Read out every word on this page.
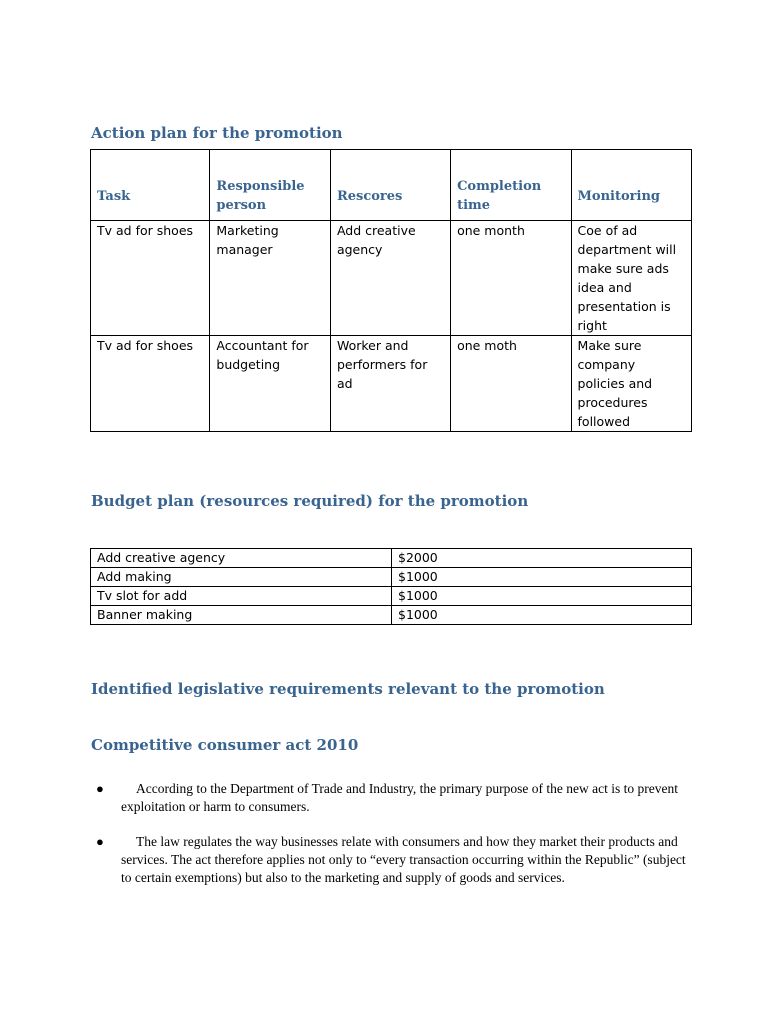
Action plan for the promotion
Task	Responsible person	Rescores	Completion time	Monitoring

Tv ad for shoes	Marketing manager	Add creative agency	one month	Coe of ad department will make sure ads idea and presentation is right
Tv ad for shoes	Accountant for budgeting	Worker and performers for ad	one moth	Make sure company policies and procedures followed
Budget plan (resources required) for the promotion
Add creative agency	$2000
Add making	$1000
Tv slot for add	$1000
Banner making	$1000
Identified legislative requirements relevant to the promotion
Competitive consumer act 2010
●	According to the Department of Trade and Industry, the primary purpose of the new act is to prevent exploitation or harm to consumers.
●	The law regulates the way businesses relate with consumers and how they market their products and services. The act therefore applies not only to “every transaction occurring within the Republic” (subject to certain exemptions) but also to the marketing and supply of goods and services.
